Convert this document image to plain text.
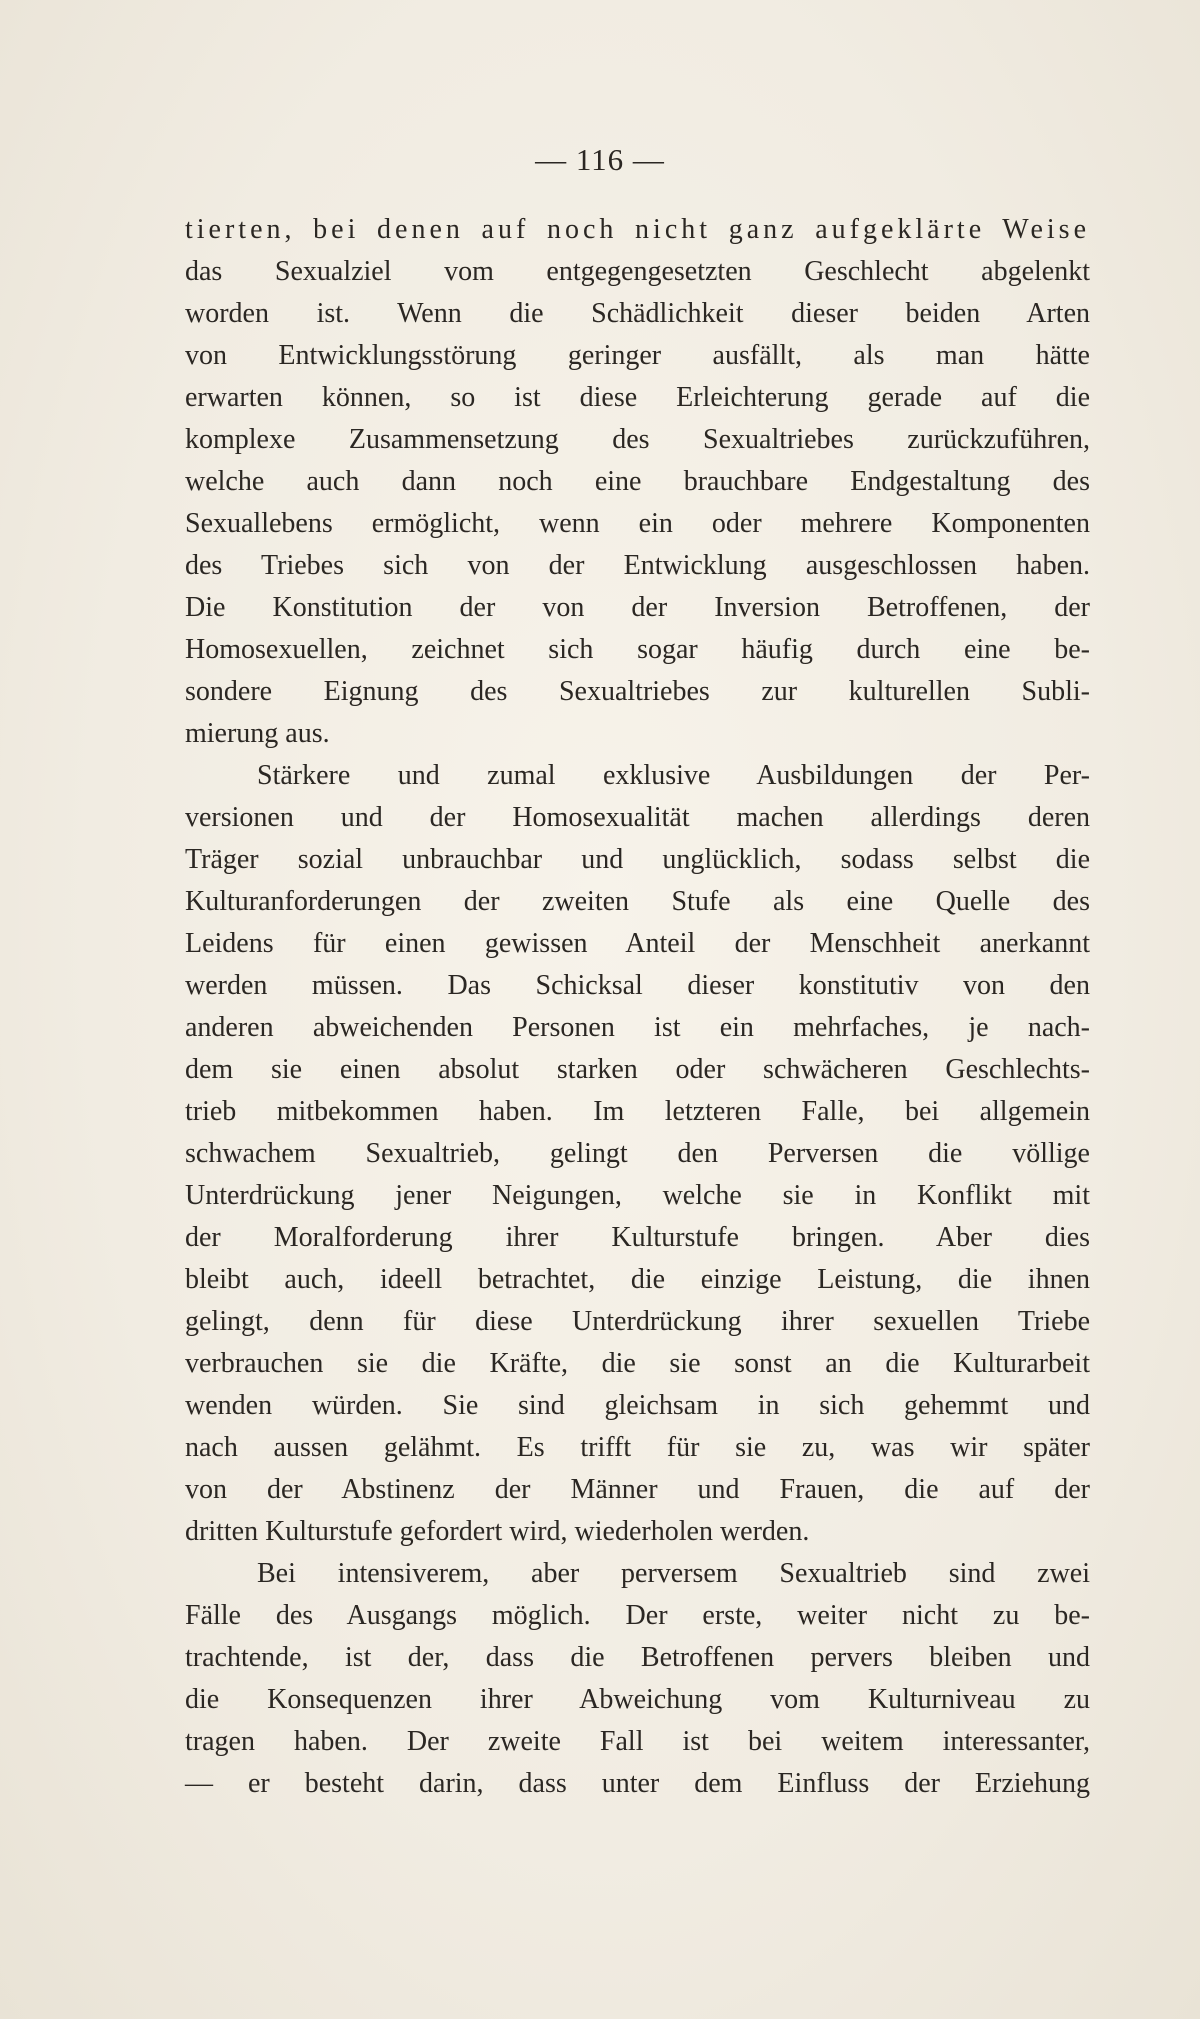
— 116 —
tierten, bei denen auf noch nicht ganz aufgeklärte Weise
das Sexualziel vom entgegengesetzten Geschlecht abgelenkt
worden ist. Wenn die Schädlichkeit dieser beiden Arten
von Entwicklungsstörung geringer ausfällt, als man hätte
erwarten können, so ist diese Erleichterung gerade auf die
komplexe Zusammensetzung des Sexualtriebes zurückzuführen,
welche auch dann noch eine brauchbare Endgestaltung des
Sexuallebens ermöglicht, wenn ein oder mehrere Komponenten
des Triebes sich von der Entwicklung ausgeschlossen haben.
Die Konstitution der von der Inversion Betroffenen, der
Homosexuellen, zeichnet sich sogar häufig durch eine be-
sondere Eignung des Sexualtriebes zur kulturellen Subli-
mierung aus.
Stärkere und zumal exklusive Ausbildungen der Per-
versionen und der Homosexualität machen allerdings deren
Träger sozial unbrauchbar und unglücklich, sodass selbst die
Kulturanforderungen der zweiten Stufe als eine Quelle des
Leidens für einen gewissen Anteil der Menschheit anerkannt
werden müssen. Das Schicksal dieser konstitutiv von den
anderen abweichenden Personen ist ein mehrfaches, je nach-
dem sie einen absolut starken oder schwächeren Geschlechts-
trieb mitbekommen haben. Im letzteren Falle, bei allgemein
schwachem Sexualtrieb, gelingt den Perversen die völlige
Unterdrückung jener Neigungen, welche sie in Konflikt mit
der Moralforderung ihrer Kulturstufe bringen. Aber dies
bleibt auch, ideell betrachtet, die einzige Leistung, die ihnen
gelingt, denn für diese Unterdrückung ihrer sexuellen Triebe
verbrauchen sie die Kräfte, die sie sonst an die Kulturarbeit
wenden würden. Sie sind gleichsam in sich gehemmt und
nach aussen gelähmt. Es trifft für sie zu, was wir später
von der Abstinenz der Männer und Frauen, die auf der
dritten Kulturstufe gefordert wird, wiederholen werden.
Bei intensiverem, aber perversem Sexualtrieb sind zwei
Fälle des Ausgangs möglich. Der erste, weiter nicht zu be-
trachtende, ist der, dass die Betroffenen pervers bleiben und
die Konsequenzen ihrer Abweichung vom Kulturniveau zu
tragen haben. Der zweite Fall ist bei weitem interessanter,
— er besteht darin, dass unter dem Einfluss der Erziehung
